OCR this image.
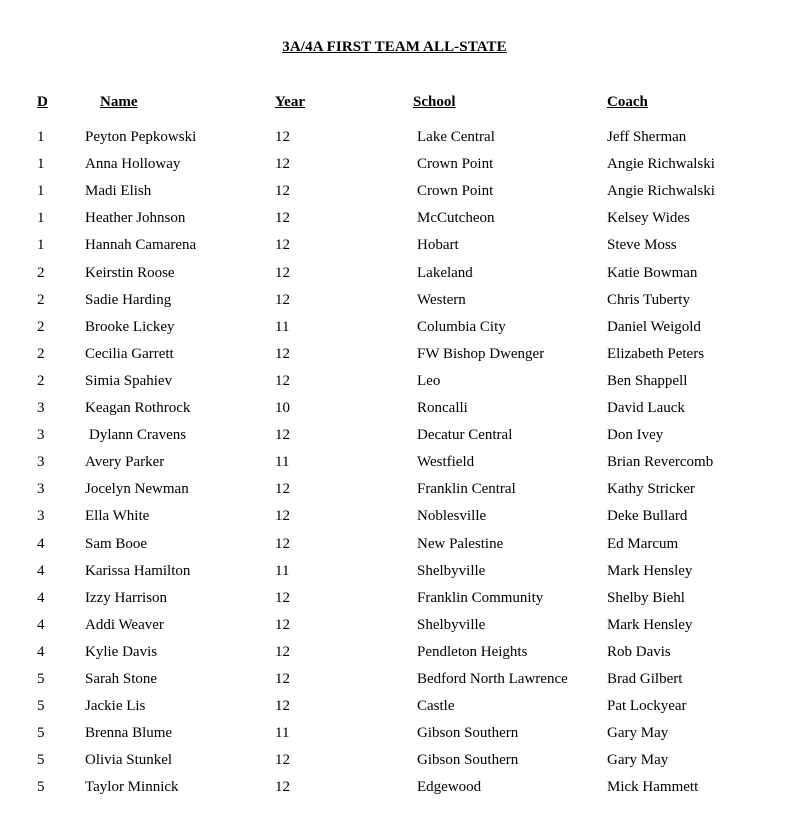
3A/4A FIRST TEAM ALL-STATE
D	Name	Year	School	Coach
1	Peyton Pepkowski	12	Lake Central	Jeff Sherman
1	Anna Holloway	12	Crown Point	Angie Richwalski
1	Madi Elish	12	Crown Point	Angie Richwalski
1	Heather Johnson	12	McCutcheon	Kelsey Wides
1	Hannah Camarena	12	Hobart	Steve Moss
2	Keirstin Roose	12	Lakeland	Katie Bowman
2	Sadie Harding	12	Western	Chris Tuberty
2	Brooke Lickey	11	Columbia City	Daniel Weigold
2	Cecilia Garrett	12	FW Bishop Dwenger	Elizabeth Peters
2	Simia Spahiev	12	Leo	Ben Shappell
3	Keagan Rothrock	10	Roncalli	David Lauck
3	Dylann Cravens	12	Decatur Central	Don Ivey
3	Avery Parker	11	Westfield	Brian Revercomb
3	Jocelyn Newman	12	Franklin Central	Kathy Stricker
3	Ella White	12	Noblesville	Deke Bullard
4	Sam Booe	12	New Palestine	Ed Marcum
4	Karissa Hamilton	11	Shelbyville	Mark Hensley
4	Izzy Harrison	12	Franklin Community	Shelby Biehl
4	Addi Weaver	12	Shelbyville	Mark Hensley
4	Kylie Davis	12	Pendleton Heights	Rob Davis
5	Sarah Stone	12	Bedford North Lawrence	Brad Gilbert
5	Jackie Lis	12	Castle	Pat Lockyear
5	Brenna Blume	11	Gibson Southern	Gary May
5	Olivia Stunkel	12	Gibson Southern	Gary May
5	Taylor Minnick	12	Edgewood	Mick Hammett
